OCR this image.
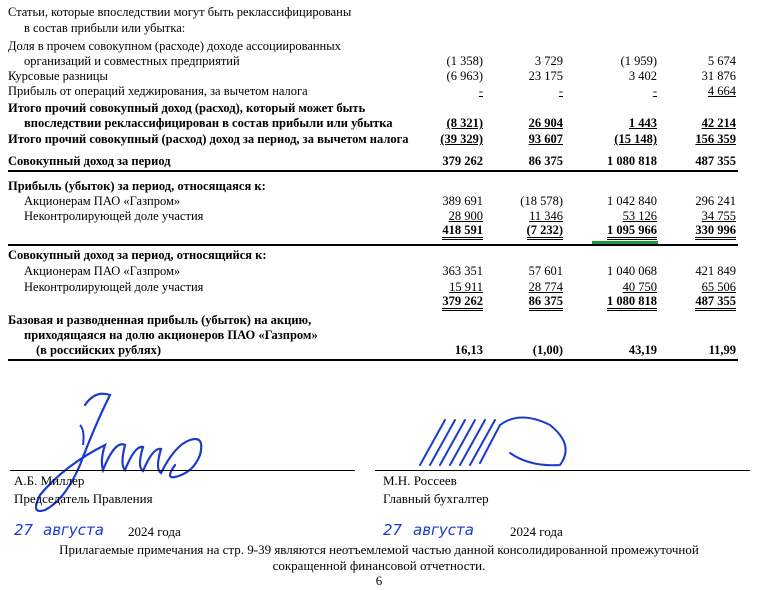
Статьи, которые впоследствии могут быть реклассифицированы
в состав прибыли или убытка:
Доля в прочем совокупном (расходе) доходе ассоциированных
организаций и совместных предприятий	(1 358)	3 729	(1 959)	5 674
Курсовые разницы	(6 963)	23 175	3 402	31 876
Прибыль от операций хеджирования, за вычетом налога	-	-	-	4 664
Итого прочий совокупный доход (расход), который может быть
впоследствии реклассифицирован в состав прибыли или убытка	(8 321)	26 904	1 443	42 214
Итого прочий совокупный (расход) доход за период, за вычетом налога	(39 329)	93 607	(15 148)	156 359
Совокупный доход за период	379 262	86 375	1 080 818	487 355
Прибыль (убыток) за период, относящаяся к:
Акционерам ПАО «Газпром»	389 691	(18 578)	1 042 840	296 241
Неконтролирующей доле участия	28 900	11 346	53 126	34 755
418 591	(7 232)	1 095 966	330 996
Совокупный доход за период, относящийся к:
Акционерам ПАО «Газпром»	363 351	57 601	1 040 068	421 849
Неконтролирующей доле участия	15 911	28 774	40 750	65 506
379 262	86 375	1 080 818	487 355
Базовая и разводненная прибыль (убыток) на акцию,
приходящаяся на долю акционеров ПАО «Газпром»
(в российских рублях)	16,13	(1,00)	43,19	11,99
А.Б. Миллер
Председатель Правления
М.Н. Россеев
Главный бухгалтер
27 августа 2024 года	27 августа	2024 года
Прилагаемые примечания на стр. 9-39 являются неотъемлемой частью данной консолидированной промежуточной
сокращенной финансовой отчетности.
6
